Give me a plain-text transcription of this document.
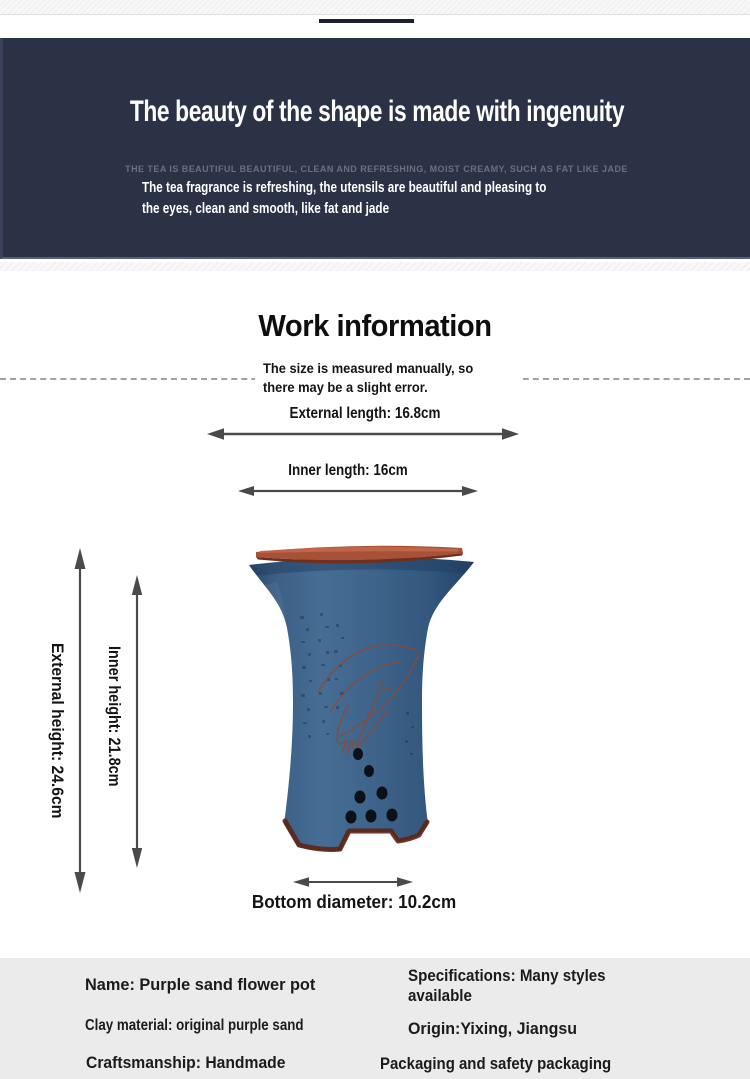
The beauty of the shape is made with ingenuity
THE TEA IS BEAUTIFUL BEAUTIFUL, CLEAN AND REFRESHING, MOIST CREAMY, SUCH AS FAT LIKE JADE
The tea fragrance is refreshing, the utensils are beautiful and pleasing to
the eyes, clean and smooth, like fat and jade
Work information
The size is measured manually, so
there may be a slight error.
External length: 16.8cm
Inner length: 16cm
External height: 24.6cm Inner height: 21.8cm
Bottom diameter: 10.2cm
Name: Purple sand flower pot
Clay material: original purple sand
Craftsmanship: Handmade
Specifications: Many styles available
Origin:Yixing, Jiangsu
Packaging and safety packaging
